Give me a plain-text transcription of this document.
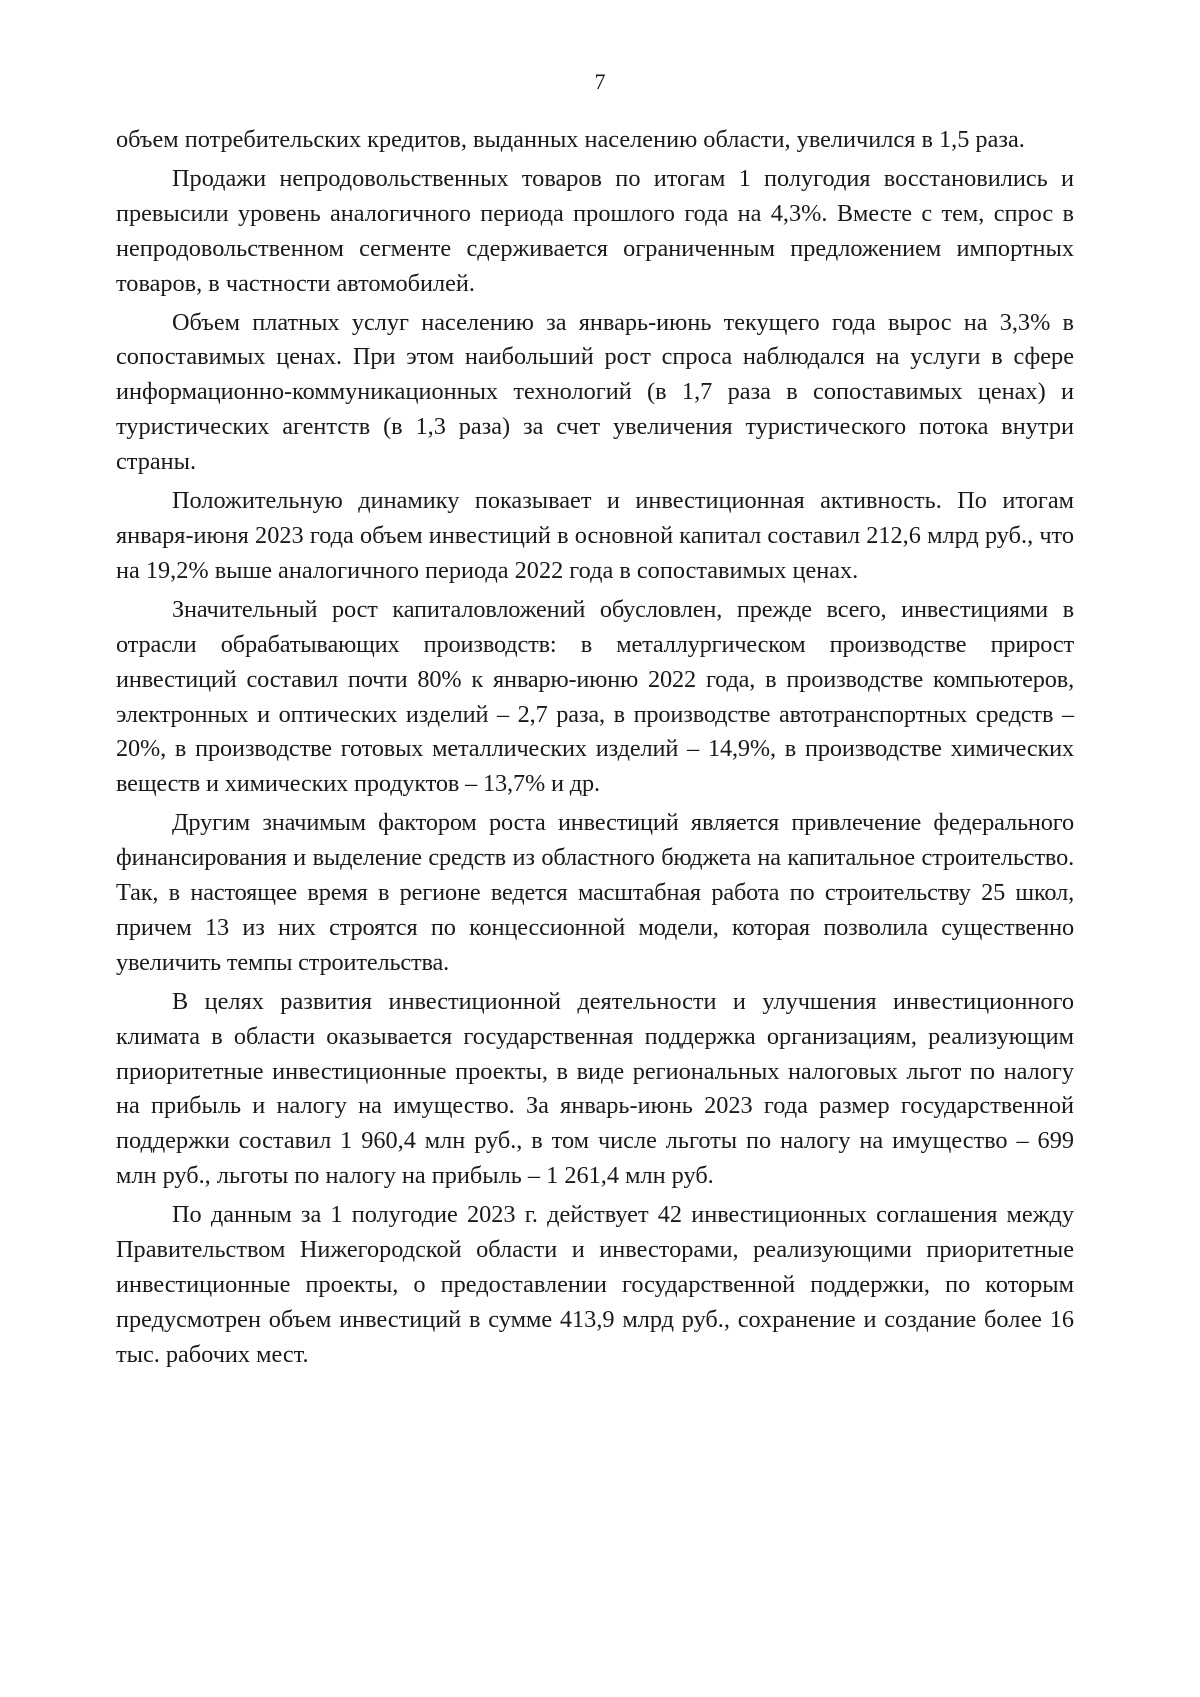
7

объем потребительских кредитов, выданных населению области, увеличился в 1,5 раза.

Продажи непродовольственных товаров по итогам 1 полугодия восстановились и превысили уровень аналогичного периода прошлого года на 4,3%. Вместе с тем, спрос в непродовольственном сегменте сдерживается ограниченным предложением импортных товаров, в частности автомобилей.

Объем платных услуг населению за январь-июнь текущего года вырос на 3,3% в сопоставимых ценах. При этом наибольший рост спроса наблюдался на услуги в сфере информационно-коммуникационных технологий (в 1,7 раза в сопоставимых ценах) и туристических агентств (в 1,3 раза) за счет увеличения туристического потока внутри страны.

Положительную динамику показывает и инвестиционная активность. По итогам января-июня 2023 года объем инвестиций в основной капитал составил 212,6 млрд руб., что на 19,2% выше аналогичного периода 2022 года в сопоставимых ценах.

Значительный рост капиталовложений обусловлен, прежде всего, инвестициями в отрасли обрабатывающих производств: в металлургическом производстве прирост инвестиций составил почти 80% к январю-июню 2022 года, в производстве компьютеров, электронных и оптических изделий – 2,7 раза, в производстве автотранспортных средств – 20%, в производстве готовых металлических изделий – 14,9%, в производстве химических веществ и химических продуктов – 13,7% и др.

Другим значимым фактором роста инвестиций является привлечение федерального финансирования и выделение средств из областного бюджета на капитальное строительство. Так, в настоящее время в регионе ведется масштабная работа по строительству 25 школ, причем 13 из них строятся по концессионной модели, которая позволила существенно увеличить темпы строительства.

В целях развития инвестиционной деятельности и улучшения инвестиционного климата в области оказывается государственная поддержка организациям, реализующим приоритетные инвестиционные проекты, в виде региональных налоговых льгот по налогу на прибыль и налогу на имущество. За январь-июнь 2023 года размер государственной поддержки составил 1 960,4 млн руб., в том числе льготы по налогу на имущество – 699 млн руб., льготы по налогу на прибыль – 1 261,4 млн руб.

По данным за 1 полугодие 2023 г. действует 42 инвестиционных соглашения между Правительством Нижегородской области и инвесторами, реализующими приоритетные инвестиционные проекты, о предоставлении государственной поддержки, по которым предусмотрен объем инвестиций в сумме 413,9 млрд руб., сохранение и создание более 16 тыс. рабочих мест.
